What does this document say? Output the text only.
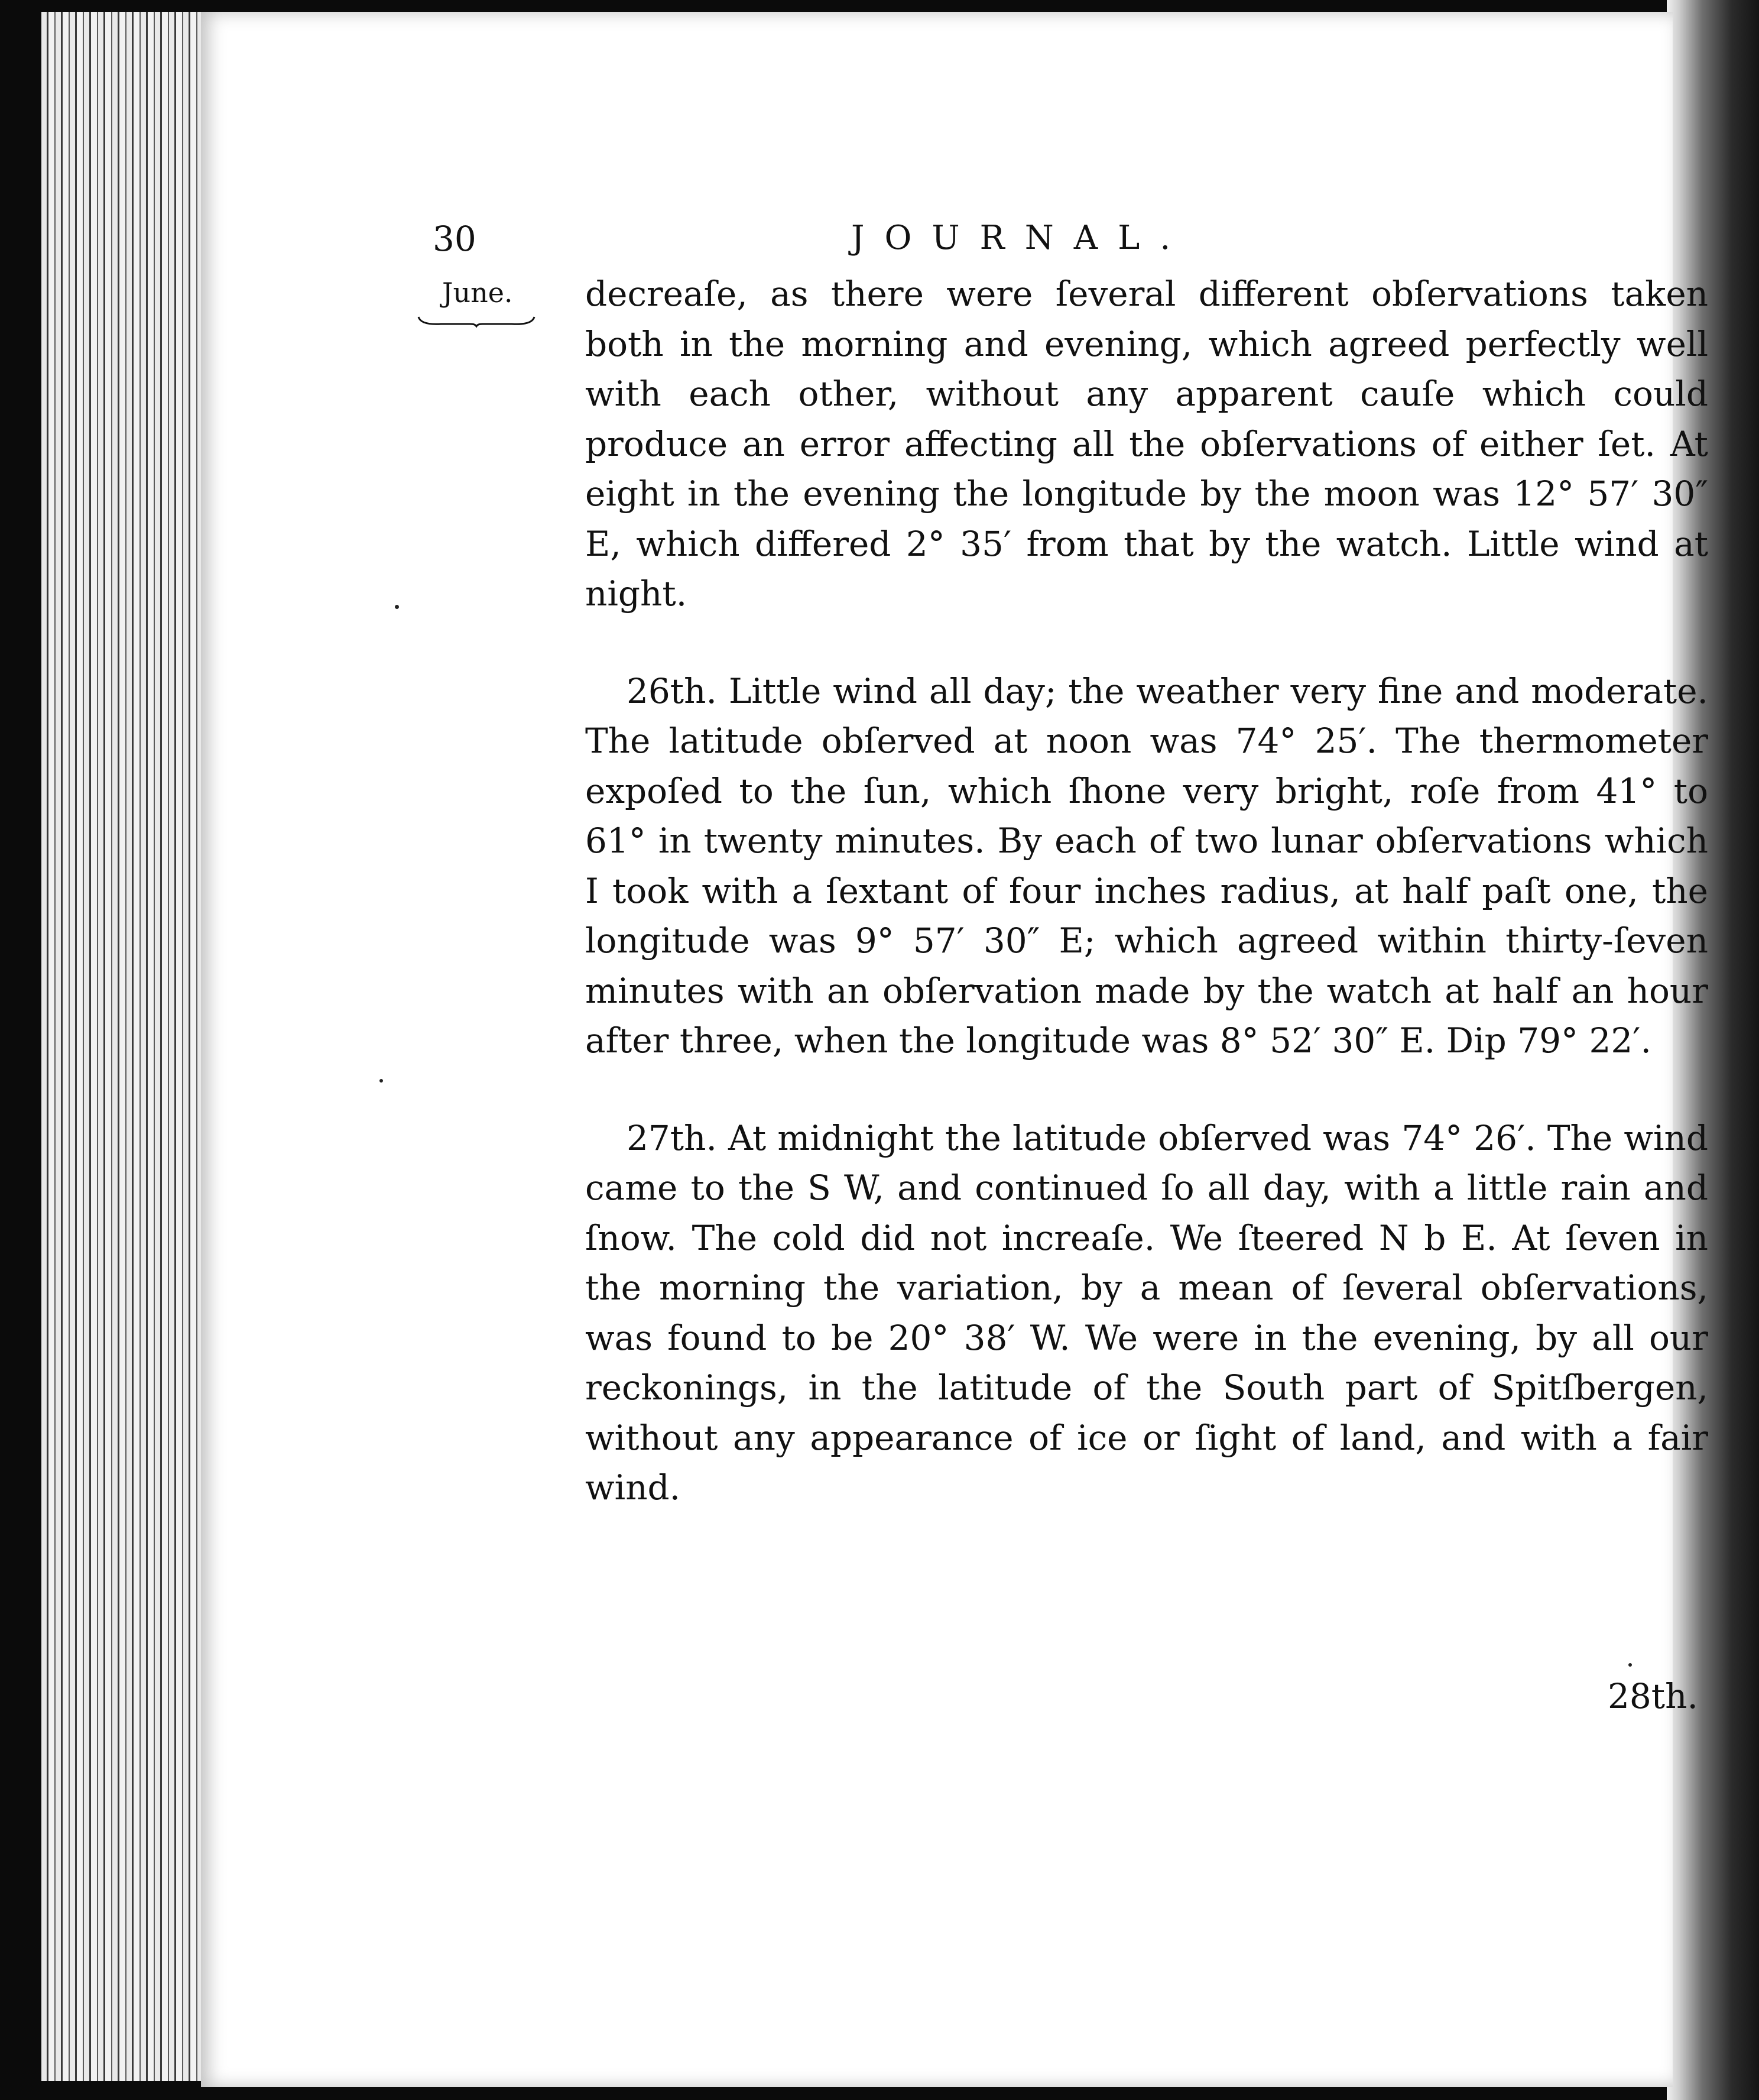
30	JOURNAL.
June. decreaſe, as there were ſeveral different obſervations taken both in the morning and evening, which agreed perfectly well with each other, without any apparent cauſe which could produce an error affecting all the obſervations of either ſet. At eight in the evening the longitude by the moon was 12° 57′ 30″ E, which differed 2° 35′ from that by the watch. Little wind at night.

26th. Little wind all day; the weather very fine and moderate. The latitude obſerved at noon was 74° 25′. The thermometer expoſed to the ſun, which ſhone very bright, roſe from 41° to 61° in twenty minutes. By each of two lunar obſervations which I took with a ſextant of four inches radius, at half paſt one, the longitude was 9° 57′ 30″ E; which agreed within thirty-ſeven minutes with an obſervation made by the watch at half an hour after three, when the longitude was 8° 52′ 30″ E. Dip 79° 22′.

27th. At midnight the latitude obſerved was 74° 26′. The wind came to the S W, and continued ſo all day, with a little rain and ſnow. The cold did not increaſe. We ſteered N b E. At ſeven in the morning the variation, by a mean of ſeveral obſervations, was found to be 20° 38′ W. We were in the evening, by all our reckonings, in the latitude of the South part of Spitſbergen, without any appearance of ice or ſight of land, and with a fair wind.

28th.
